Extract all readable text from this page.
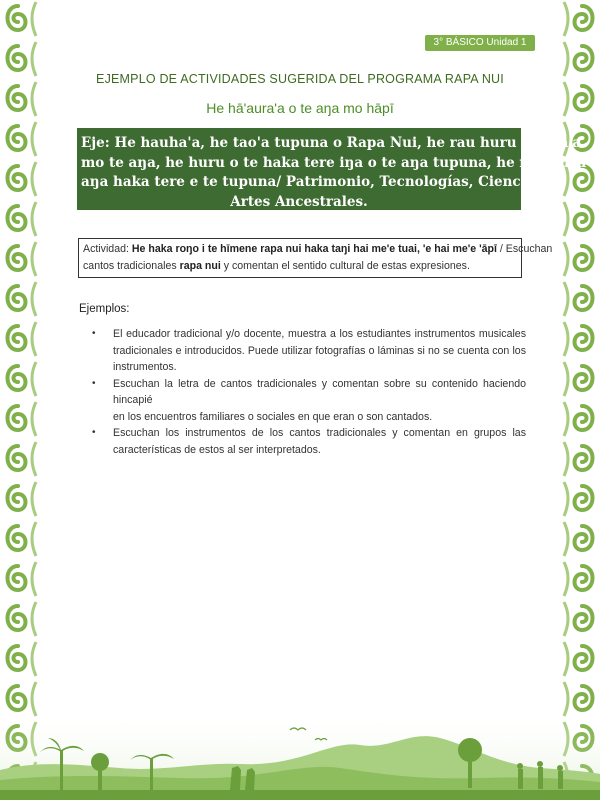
3° BÁSICO Unidad 1
EJEMPLO DE ACTIVIDADES SUGERIDA DEL PROGRAMA RAPA NUI
He hā'aura'a o te aŋa mo hāpī
Eje: He hauha'a, he tao'a tupuna o Rapa Nui, he rau huru moiha'a
mo te aŋa, he huru o te haka tere iŋa o te aŋa tupuna, he rau huru
aŋa haka tere e te tupuna/ Patrimonio, Tecnologías, Ciencias y
Artes Ancestrales.
Actividad: He haka roŋo i te hīmene rapa nui haka taŋi hai me'e tuai, 'e hai me'e 'āpī / Escuchan
cantos tradicionales rapa nui y comentan el sentido cultural de estas expresiones.
Ejemplos:
• El educador tradicional y/o docente, muestra a los estudiantes instrumentos musicales
tradicionales e introducidos. Puede utilizar fotografías o láminas si no se cuenta con los
instrumentos.
• Escuchan la letra de cantos tradicionales y comentan sobre su contenido haciendo hincapié
en los encuentros familiares o sociales en que eran o son cantados.
• Escuchan los instrumentos de los cantos tradicionales y comentan en grupos las
características de estos al ser interpretados.
